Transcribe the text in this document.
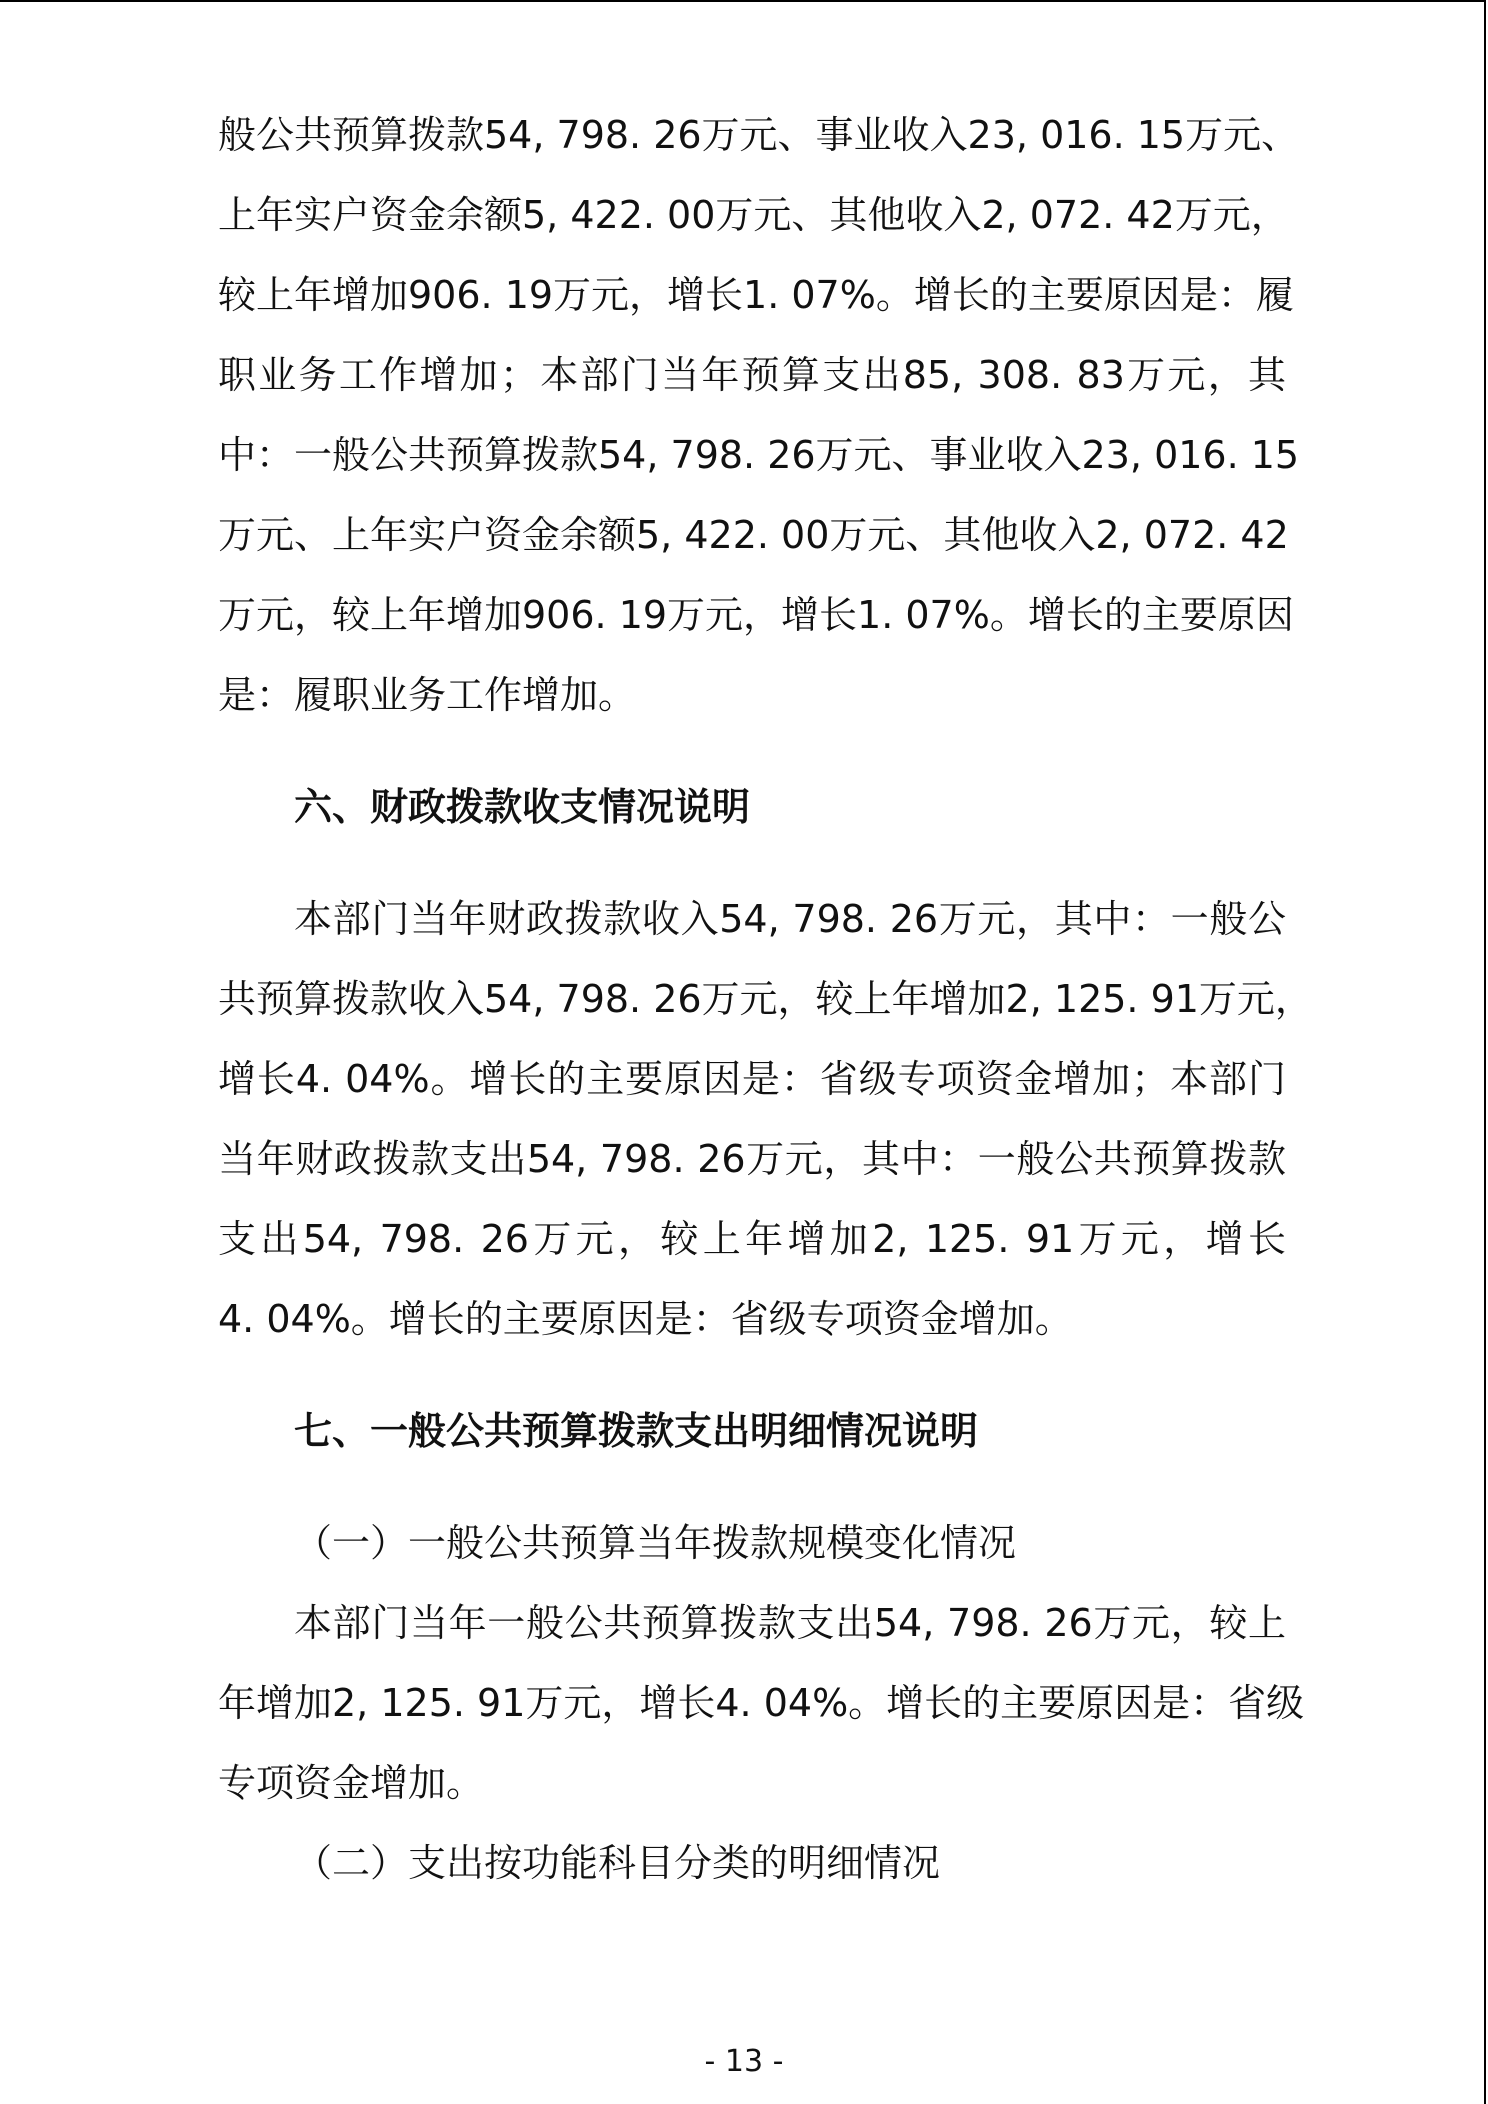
般公共预算拨款54, 798. 26万元、事业收入23, 016. 15万元、
上年实户资金余额5, 422. 00万元、其他收入2, 072. 42万元，
较上年增加906. 19万元，增长1. 07%。增长的主要原因是：履
职业务工作增加；本部门当年预算支出85, 308. 83万元，其
中：一般公共预算拨款54, 798. 26万元、事业收入23, 016. 15
万元、上年实户资金余额5, 422. 00万元、其他收入2, 072. 42
万元，较上年增加906. 19万元，增长1. 07%。增长的主要原因
是：履职业务工作增加。
六、财政拨款收支情况说明
本部门当年财政拨款收入54, 798. 26万元，其中：一般公
共预算拨款收入54, 798. 26万元，较上年增加2, 125. 91万元，
增长4. 04%。增长的主要原因是：省级专项资金增加；本部门
当年财政拨款支出54, 798. 26万元，其中：一般公共预算拨款
支出54, 798. 26万元，较上年增加2, 125. 91万元，增长
4. 04%。增长的主要原因是：省级专项资金增加。
七、一般公共预算拨款支出明细情况说明
（一）一般公共预算当年拨款规模变化情况
本部门当年一般公共预算拨款支出54, 798. 26万元，较上
年增加2, 125. 91万元，增长4. 04%。增长的主要原因是：省级
专项资金增加。
（二）支出按功能科目分类的明细情况
- 13 -
